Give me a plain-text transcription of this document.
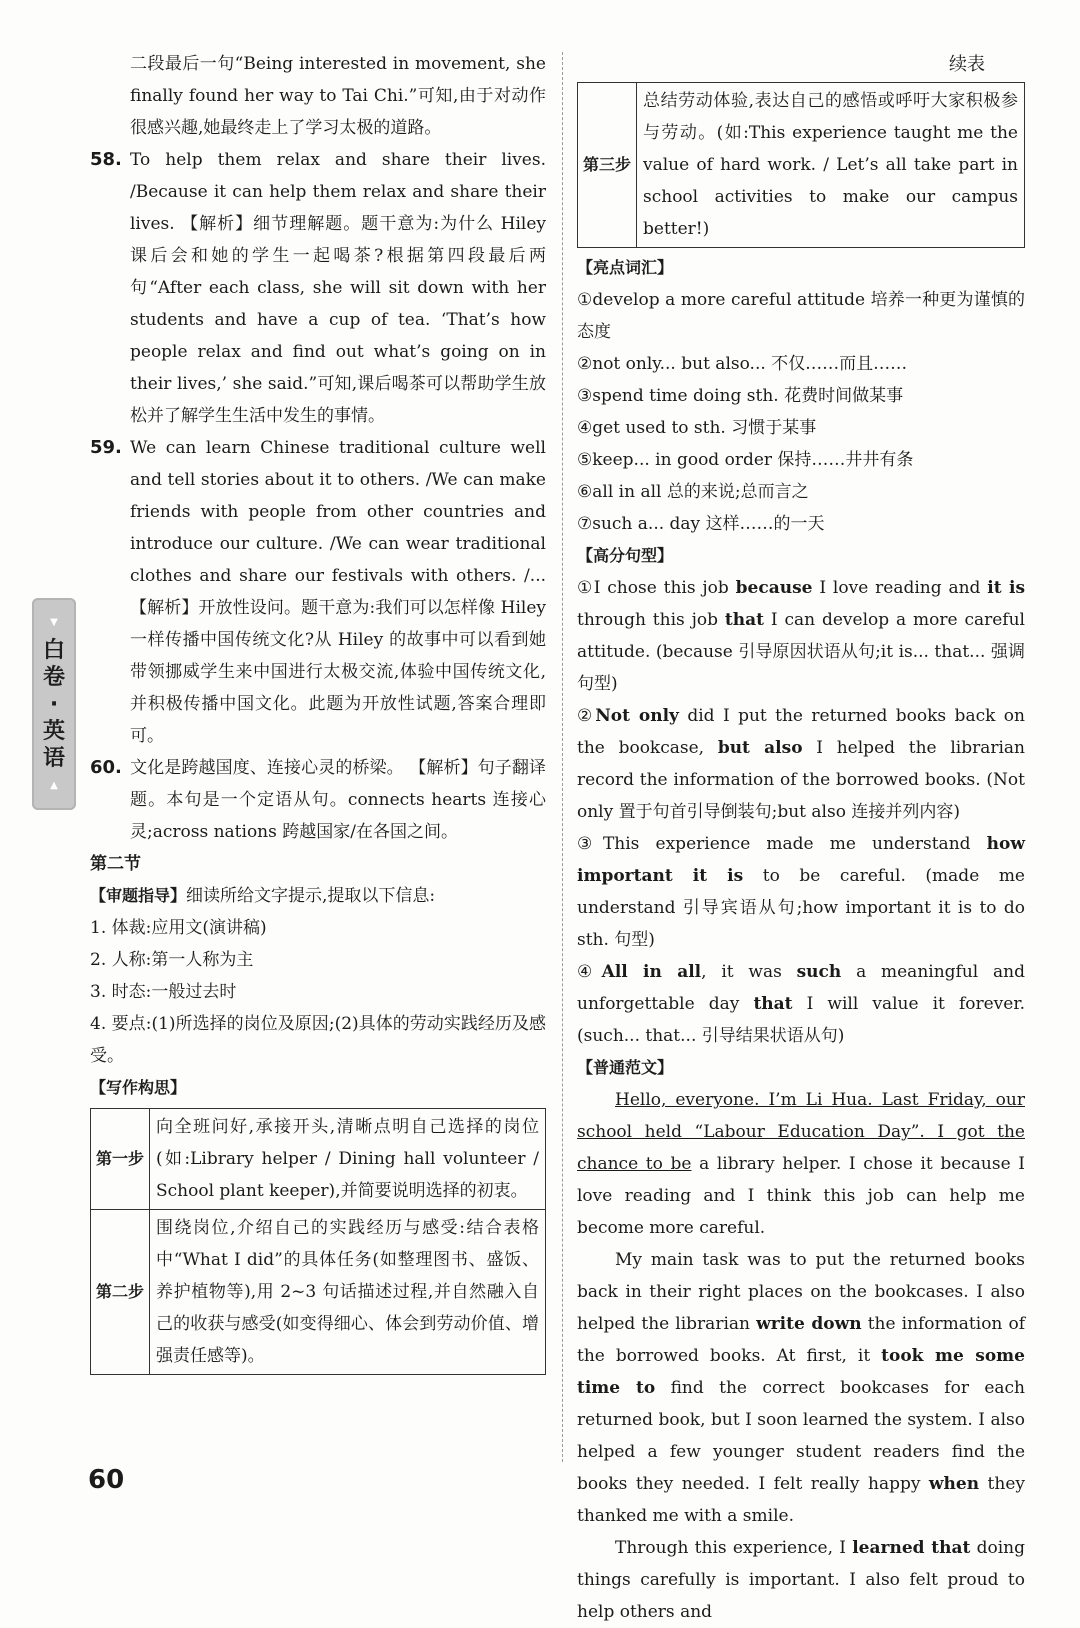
▼
白卷·英语
▲

二段最后一句“Being interested in movement, she finally found her way to Tai Chi.”可知,由于对动作很感兴趣,她最终走上了学习太极的道路。

58. To help them relax and share their lives. /Because it can help them relax and share their lives. 【解析】细节理解题。题干意为:为什么 Hiley 课后会和她的学生一起喝茶?根据第四段最后两句“After each class, she will sit down with her students and have a cup of tea. ‘That’s how people relax and find out what’s going on in their lives,’ she said.”可知,课后喝茶可以帮助学生放松并了解学生生活中发生的事情。

59. We can learn Chinese traditional culture well and tell stories about it to others. /We can make friends with people from other countries and introduce our culture. /We can wear traditional clothes and share our festivals with others. /... 【解析】开放性设问。题干意为:我们可以怎样像 Hiley 一样传播中国传统文化?从 Hiley 的故事中可以看到她带领挪威学生来中国进行太极交流,体验中国传统文化,并积极传播中国文化。此题为开放性试题,答案合理即可。

60. 文化是跨越国度、连接心灵的桥梁。 【解析】句子翻译题。本句是一个定语从句。connects hearts 连接心灵;across nations 跨越国家/在各国之间。

第二节

【审题指导】细读所给文字提示,提取以下信息:

1. 体裁:应用文(演讲稿)

2. 人称:第一人称为主

3. 时态:一般过去时

4. 要点:(1)所选择的岗位及原因;(2)具体的劳动实践经历及感受。

【写作构思】

第一步	向全班问好,承接开头,清晰点明自己选择的岗位(如:Library helper / Dining hall volunteer / School plant keeper),并简要说明选择的初衷。
第二步	围绕岗位,介绍自己的实践经历与感受:结合表格中“What I did”的具体任务(如整理图书、盛饭、养护植物等),用 2~3 句话描述过程,并自然融入自己的收获与感受(如变得细心、体会到劳动价值、增强责任感等)。
续表
第三步	总结劳动体验,表达自己的感悟或呼吁大家积极参与劳动。(如:This experience taught me the value of hard work. / Let’s all take part in school activities to make our campus better!)

【亮点词汇】

①develop a more careful attitude 培养一种更为谨慎的态度

②not only... but also... 不仅……而且……

③spend time doing sth. 花费时间做某事

④get used to sth. 习惯于某事

⑤keep... in good order 保持……井井有条

⑥all in all 总的来说;总而言之

⑦such a... day 这样……的一天

【高分句型】

①I chose this job because I love reading and it is through this job that I can develop a more careful attitude. (because 引导原因状语从句;it is... that... 强调句型)

②Not only did I put the returned books back on the bookcase, but also I helped the librarian record the information of the borrowed books. (Not only 置于句首引导倒装句;but also 连接并列内容)

③This experience made me understand how important it is to be careful. (made me understand 引导宾语从句;how important it is to do sth. 句型)

④All in all, it was such a meaningful and unforgettable day that I will value it forever. (such... that... 引导结果状语从句)

【普通范文】

Hello, everyone. I’m Li Hua. Last Friday, our school held “Labour Education Day”. I got the chance to be a library helper. I chose it because I love reading and I think this job can help me become more careful.

My main task was to put the returned books back in their right places on the bookcases. I also helped the librarian write down the information of the borrowed books. At first, it took me some time to find the correct bookcases for each returned book, but I soon learned the system. I also helped a few younger student readers find the books they needed. I felt really happy when they thanked me with a smile.

Through this experience, I learned that doing things carefully is important. I also felt proud to help others and

60
